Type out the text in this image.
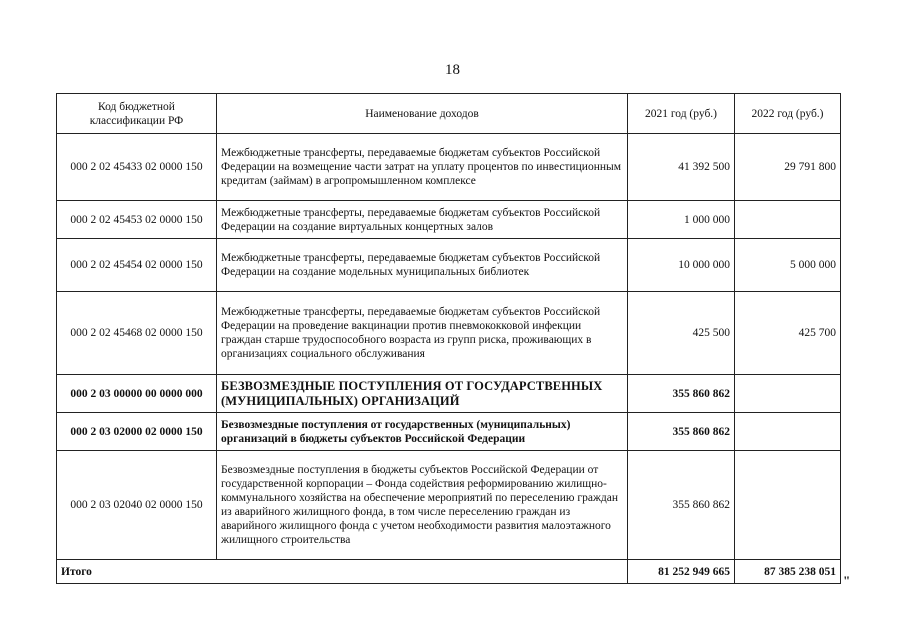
18
Код бюджетной классификации РФ	Наименование доходов	2021 год (руб.)	2022 год (руб.)
000 2 02 45433 02 0000 150	Межбюджетные трансферты, передаваемые бюджетам субъектов Российской Федерации на возмещение части затрат на уплату процентов по инвестиционным кредитам (займам) в агропромышленном комплексе	41 392 500	29 791 800
000 2 02 45453 02 0000 150	Межбюджетные трансферты, передаваемые бюджетам субъектов Российской Федерации на создание виртуальных концертных залов	1 000 000	
000 2 02 45454 02 0000 150	Межбюджетные трансферты, передаваемые бюджетам субъектов Российской Федерации на создание модельных муниципальных библиотек	10 000 000	5 000 000
000 2 02 45468 02 0000 150	Межбюджетные трансферты, передаваемые бюджетам субъектов Российской Федерации на проведение вакцинации против пневмококковой инфекции граждан старше трудоспособного возраста из групп риска, проживающих в организациях социального обслуживания	425 500	425 700
000 2 03 00000 00 0000 000	БЕЗВОЗМЕЗДНЫЕ ПОСТУПЛЕНИЯ ОТ ГОСУДАРСТВЕННЫХ (МУНИЦИПАЛЬНЫХ) ОРГАНИЗАЦИЙ	355 860 862	
000 2 03 02000 02 0000 150	Безвозмездные поступления от государственных (муниципальных) организаций в бюджеты субъектов Российской Федерации	355 860 862	
000 2 03 02040 02 0000 150	Безвозмездные поступления в бюджеты субъектов Российской Федерации от государственной корпорации – Фонда содействия реформированию жилищно-коммунального хозяйства на обеспечение мероприятий по переселению граждан из аварийного жилищного фонда, в том числе переселению граждан из аварийного жилищного фонда с учетом необходимости развития малоэтажного жилищного строительства	355 860 862	
Итого		81 252 949 665	87 385 238 051
"
